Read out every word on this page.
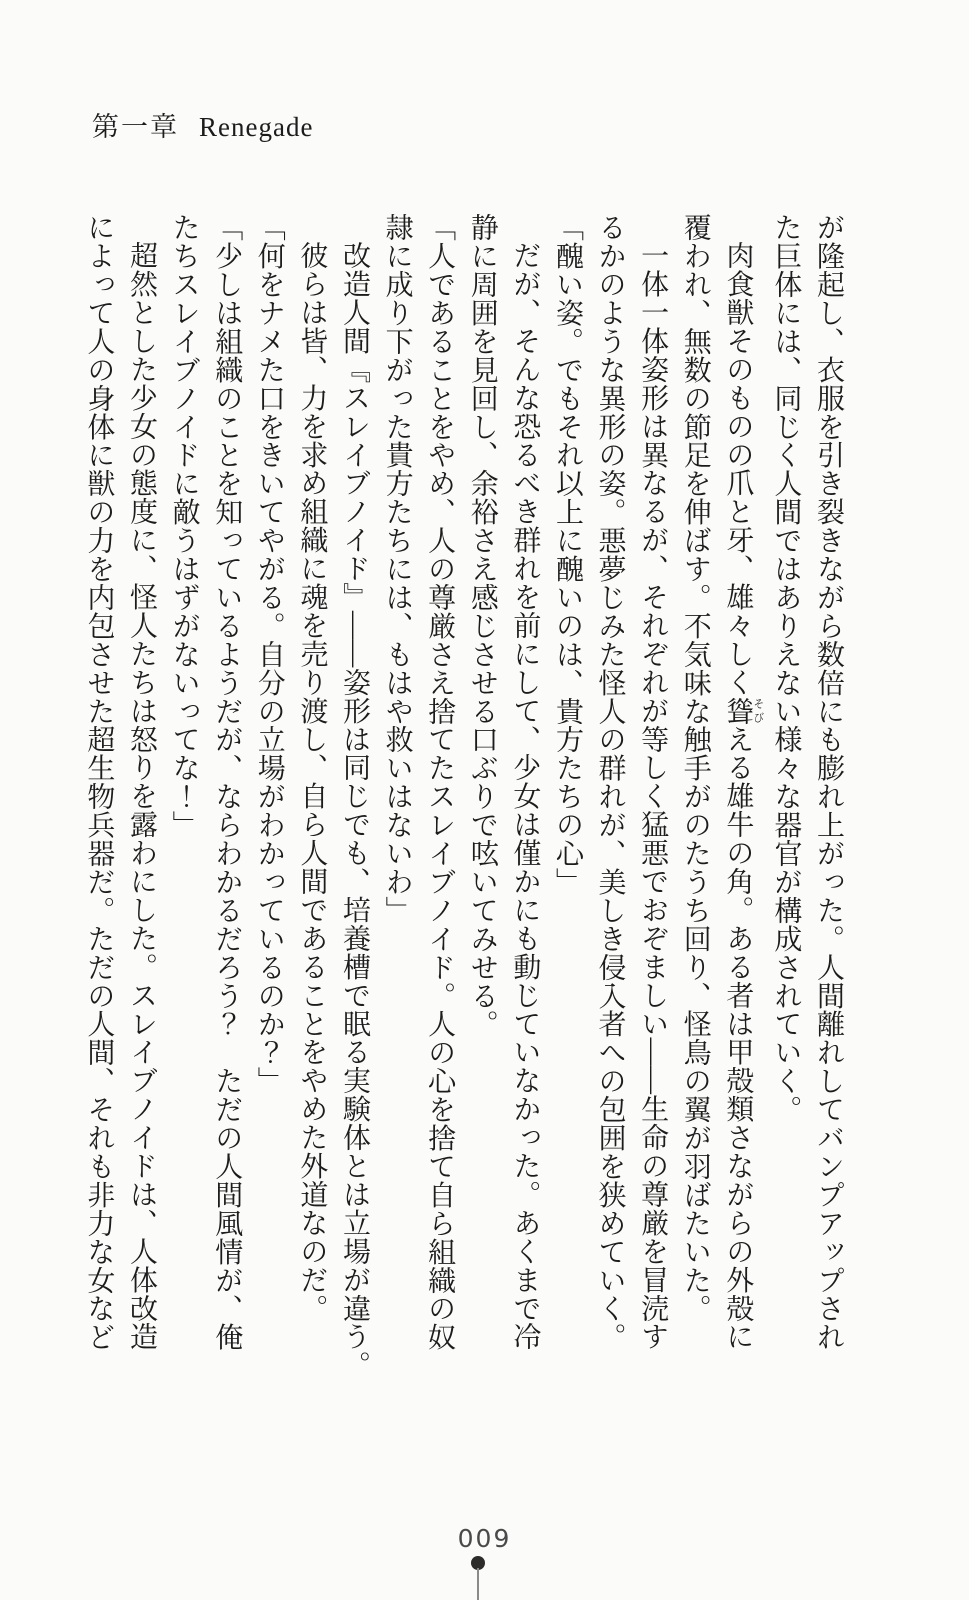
第一章 Renegade

が隆起し、衣服を引き裂きながら数倍にも膨れ上がった。人間離れしてバンプアップされ

た巨体には、同じく人間ではありえない様々な器官が構成されていく。

肉食獣そのものの爪と牙、雄々しく聳そびえる雄牛の角。ある者は甲殻類さながらの外殻に

覆われ、無数の節足を伸ばす。不気味な触手がのたうち回り、怪鳥の翼が羽ばたいた。

一体一体姿形は異なるが、それぞれが等しく猛悪でおぞましい――生命の尊厳を冒涜す

るかのような異形の姿。悪夢じみた怪人の群れが、美しき侵入者への包囲を狭めていく。

「醜い姿。でもそれ以上に醜いのは、貴方たちの心」

だが、そんな恐るべき群れを前にして、少女は僅かにも動じていなかった。あくまで冷

静に周囲を見回し、余裕さえ感じさせる口ぶりで呟いてみせる。

「人であることをやめ、人の尊厳さえ捨てたスレイブノイド。人の心を捨て自ら組織の奴

隷に成り下がった貴方たちには、もはや救いはないわ」

改造人間『スレイブノイド』――姿形は同じでも、培養槽で眠る実験体とは立場が違う。

彼らは皆、力を求め組織に魂を売り渡し、自ら人間であることをやめた外道なのだ。

「何をナメた口をきいてやがる。自分の立場がわかっているのか？」

「少しは組織のことを知っているようだが、ならわかるだろう？　ただの人間風情が、俺

たちスレイブノイドに敵うはずがないってな！」

超然とした少女の態度に、怪人たちは怒りを露わにした。スレイブノイドは、人体改造

によって人の身体に獣の力を内包させた超生物兵器だ。ただの人間、それも非力な女など

009
